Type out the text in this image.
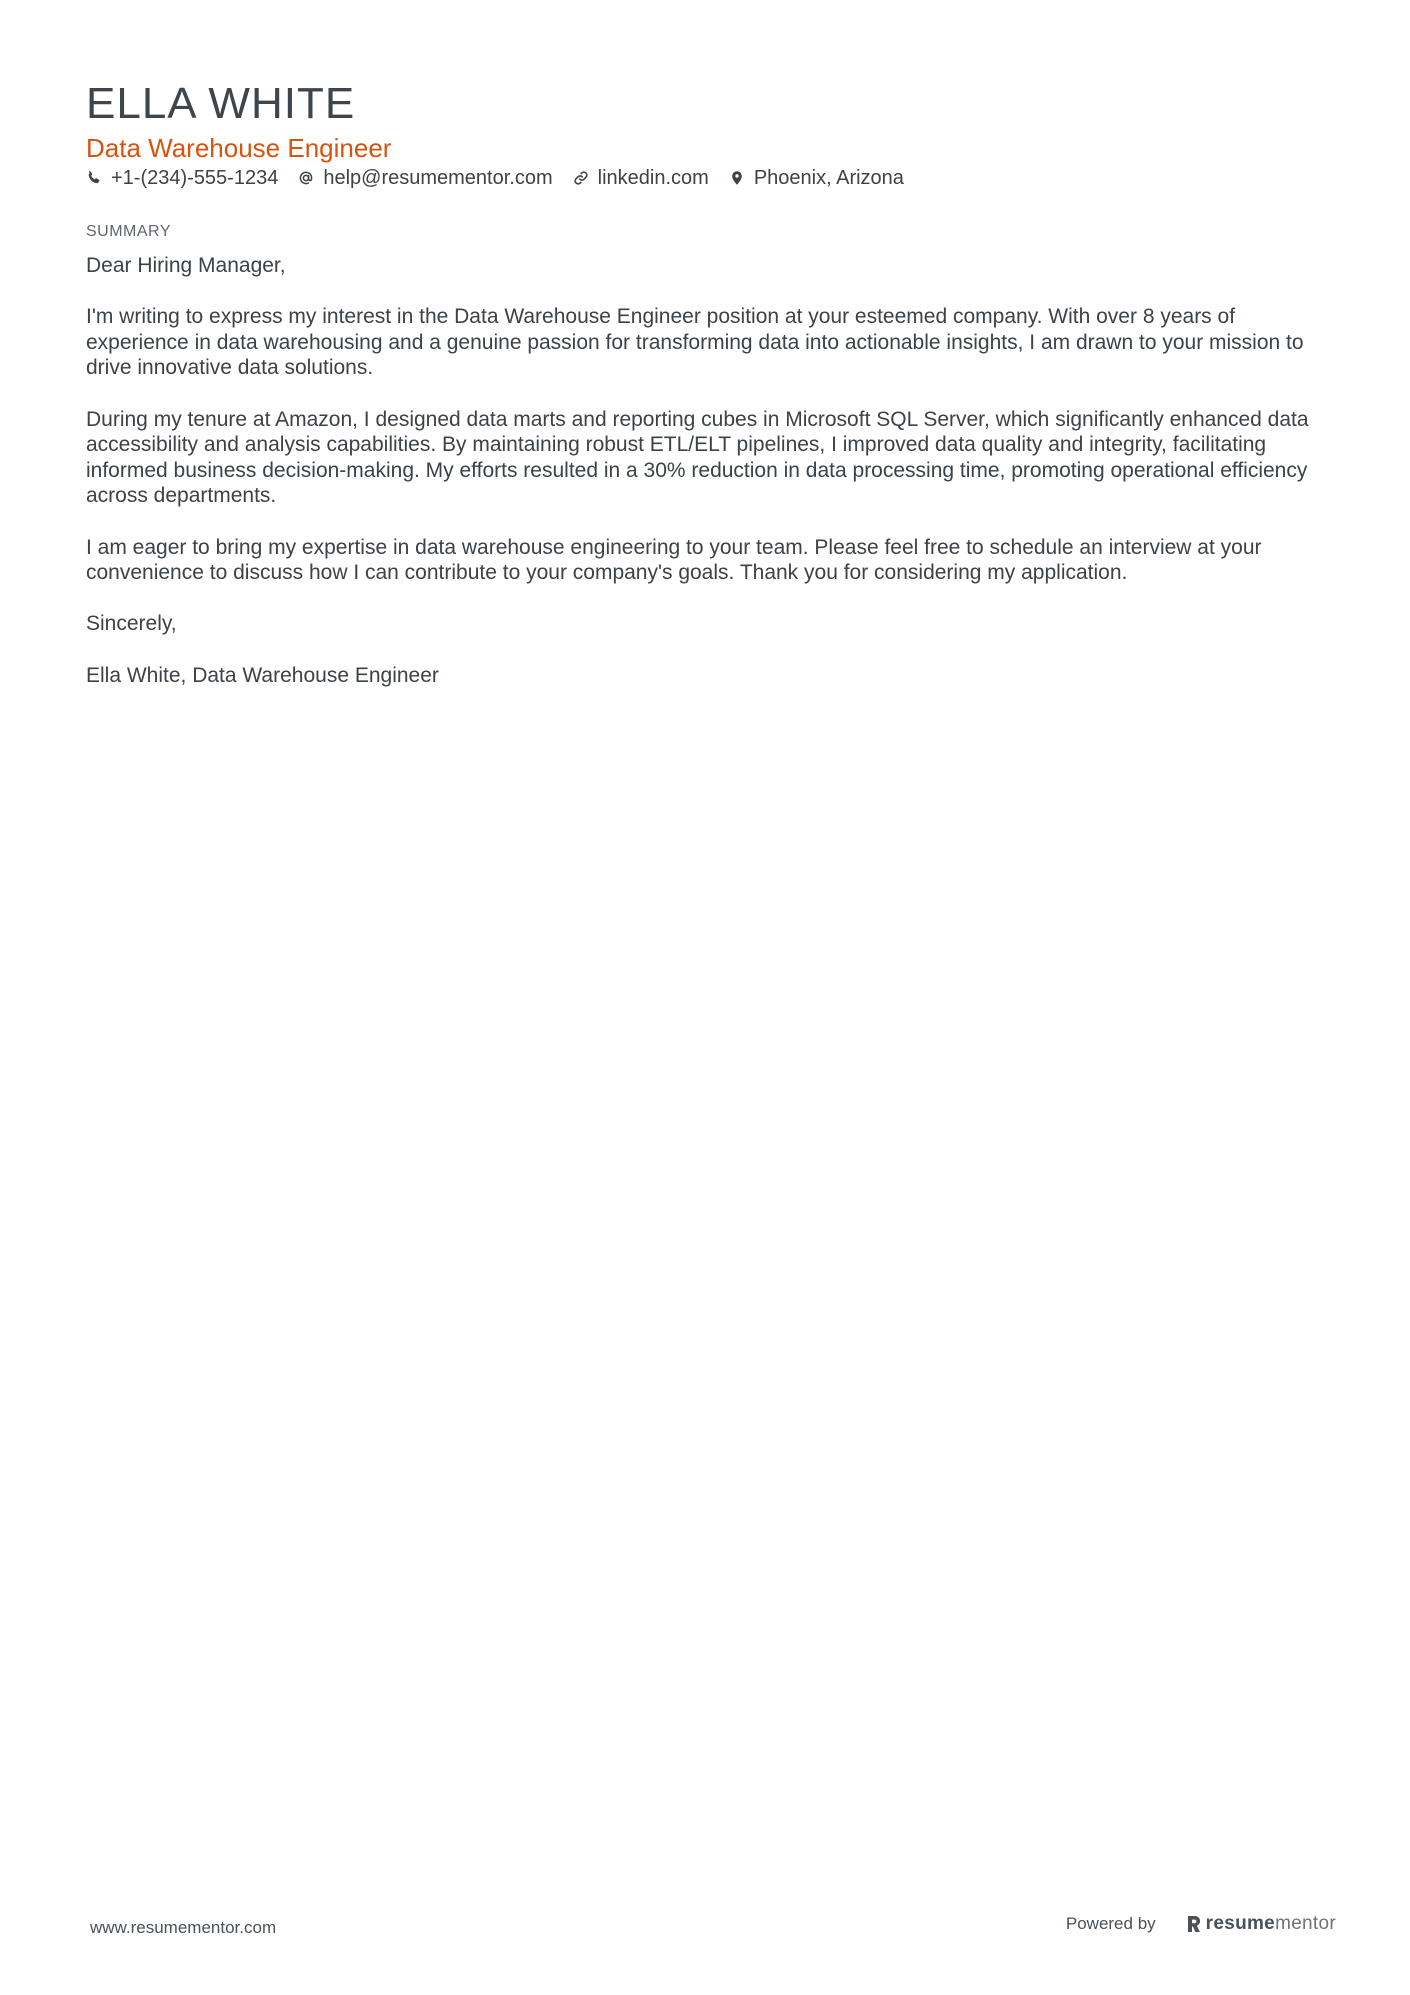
ELLA WHITE
Data Warehouse Engineer
+1-(234)-555-1234 help@resumementor.com linkedin.com Phoenix, Arizona
SUMMARY

Dear Hiring Manager,

I'm writing to express my interest in the Data Warehouse Engineer position at your esteemed company. With over 8 years of experience in data warehousing and a genuine passion for transforming data into actionable insights, I am drawn to your mission to drive innovative data solutions.

During my tenure at Amazon, I designed data marts and reporting cubes in Microsoft SQL Server, which significantly enhanced data accessibility and analysis capabilities. By maintaining robust ETL/ELT pipelines, I improved data quality and integrity, facilitating informed business decision-making. My efforts resulted in a 30% reduction in data processing time, promoting operational efficiency across departments.

I am eager to bring my expertise in data warehouse engineering to your team. Please feel free to schedule an interview at your convenience to discuss how I can contribute to your company's goals. Thank you for considering my application.

Sincerely,

Ella White, Data Warehouse Engineer

www.resumementor.com	Powered by	resumementor
